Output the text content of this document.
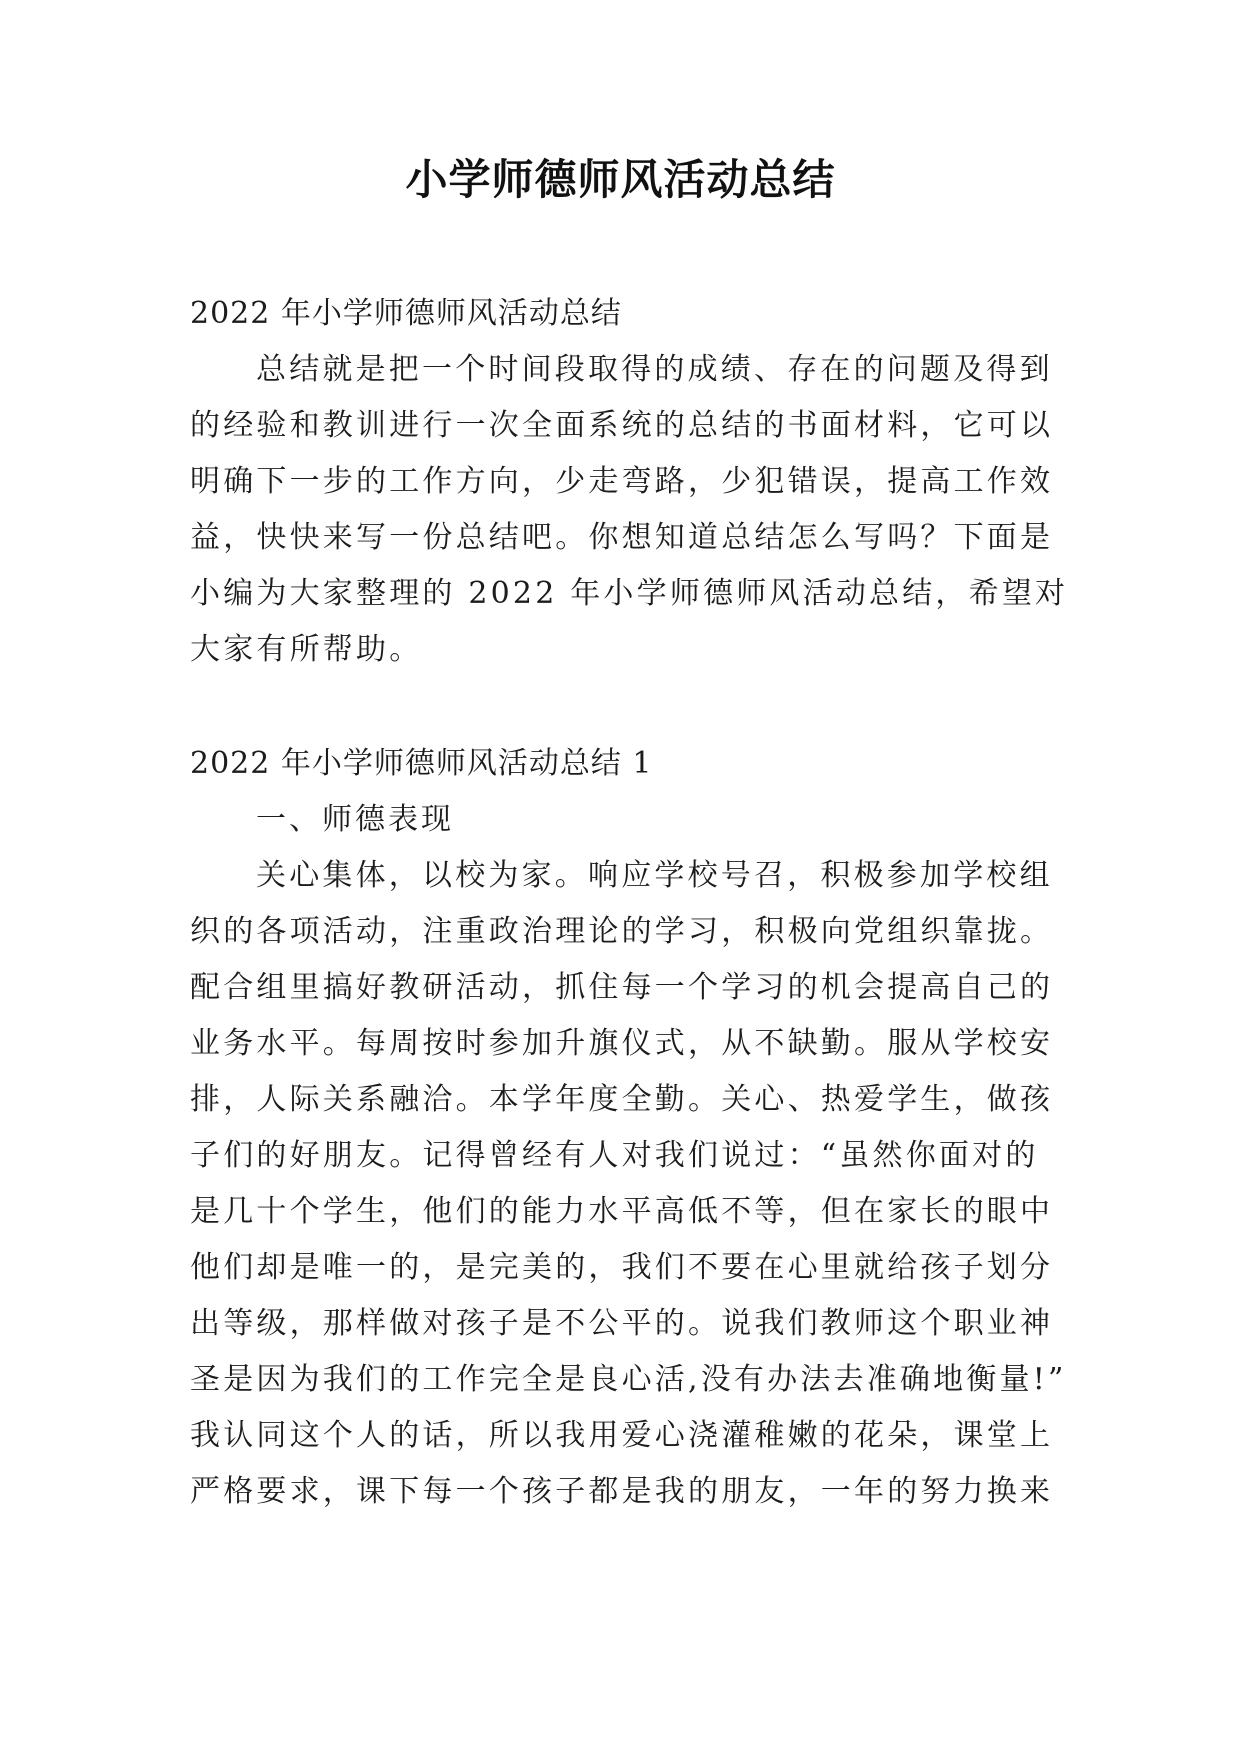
小学师德师风活动总结

2022 年小学师德师风活动总结

总结就是把一个时间段取得的成绩、存在的问题及得到
的经验和教训进行一次全面系统的总结的书面材料，它可以
明确下一步的工作方向，少走弯路，少犯错误，提高工作效
益，快快来写一份总结吧。你想知道总结怎么写吗？下面是
小编为大家整理的 2022 年小学师德师风活动总结，希望对
大家有所帮助。

2022 年小学师德师风活动总结 1

一、师德表现

关心集体，以校为家。响应学校号召，积极参加学校组
织的各项活动，注重政治理论的学习，积极向党组织靠拢。
配合组里搞好教研活动，抓住每一个学习的机会提高自己的
业务水平。每周按时参加升旗仪式，从不缺勤。服从学校安
排，人际关系融洽。本学年度全勤。关心、热爱学生，做孩
子们的好朋友。记得曾经有人对我们说过：“虽然你面对的
是几十个学生，他们的能力水平高低不等，但在家长的眼中
他们却是唯一的，是完美的，我们不要在心里就给孩子划分
出等级，那样做对孩子是不公平的。说我们教师这个职业神
圣是因为我们的工作完全是良心活,没有办法去准确地衡量!”
我认同这个人的话，所以我用爱心浇灌稚嫩的花朵，课堂上
严格要求，课下每一个孩子都是我的朋友，一年的努力换来
